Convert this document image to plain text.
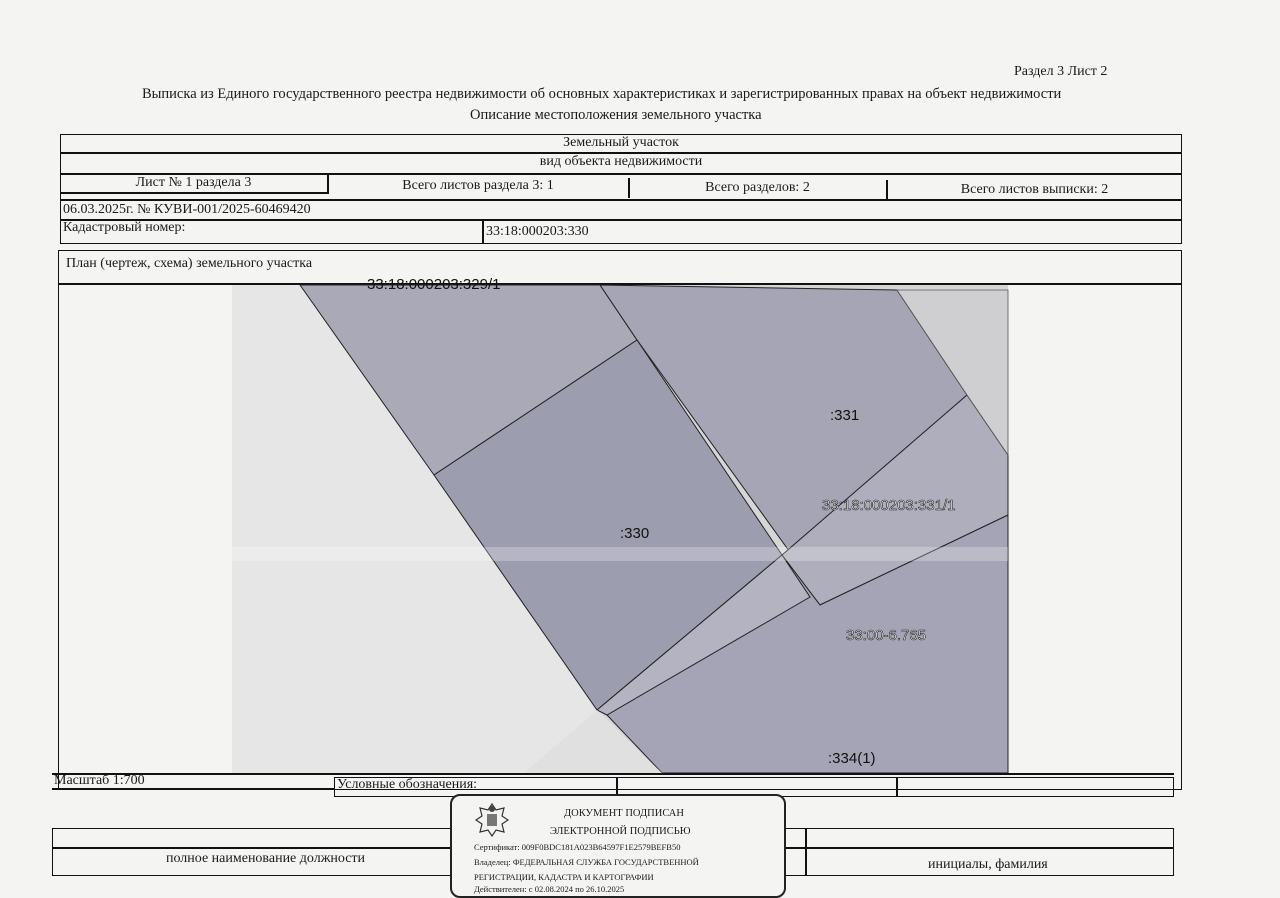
Раздел 3 Лист 2
Выписка из Единого государственного реестра недвижимости об основных характеристиках и зарегистрированных правах на объект недвижимости
Описание местоположения земельного участка
Земельный участок
вид объекта недвижимости
Лист № 1 раздела 3	Всего листов раздела 3: 1	Всего разделов: 2	Всего листов выписки: 2
06.03.2025г. № КУВИ-001/2025-60469420
Кадастровый номер:	33:18:000203:330
План (чертеж, схема) земельного участка
33:18:000203:329/1
:331
33:18:000203:331/1
:330
33:00-6.765
:334(1)
Масштаб 1:700	Условные обозначения:
полное наименование должности	инициалы, фамилия
ДОКУМЕНТ ПОДПИСАН
ЭЛЕКТРОННОЙ ПОДПИСЬЮ
Сертификат: 009F0BDC181A023B64597F1E2579BEFB50
Владелец: ФЕДЕРАЛЬНАЯ СЛУЖБА ГОСУДАРСТВЕННОЙ
РЕГИСТРАЦИИ, КАДАСТРА И КАРТОГРАФИИ
Действителен: с 02.08.2024 по 26.10.2025
